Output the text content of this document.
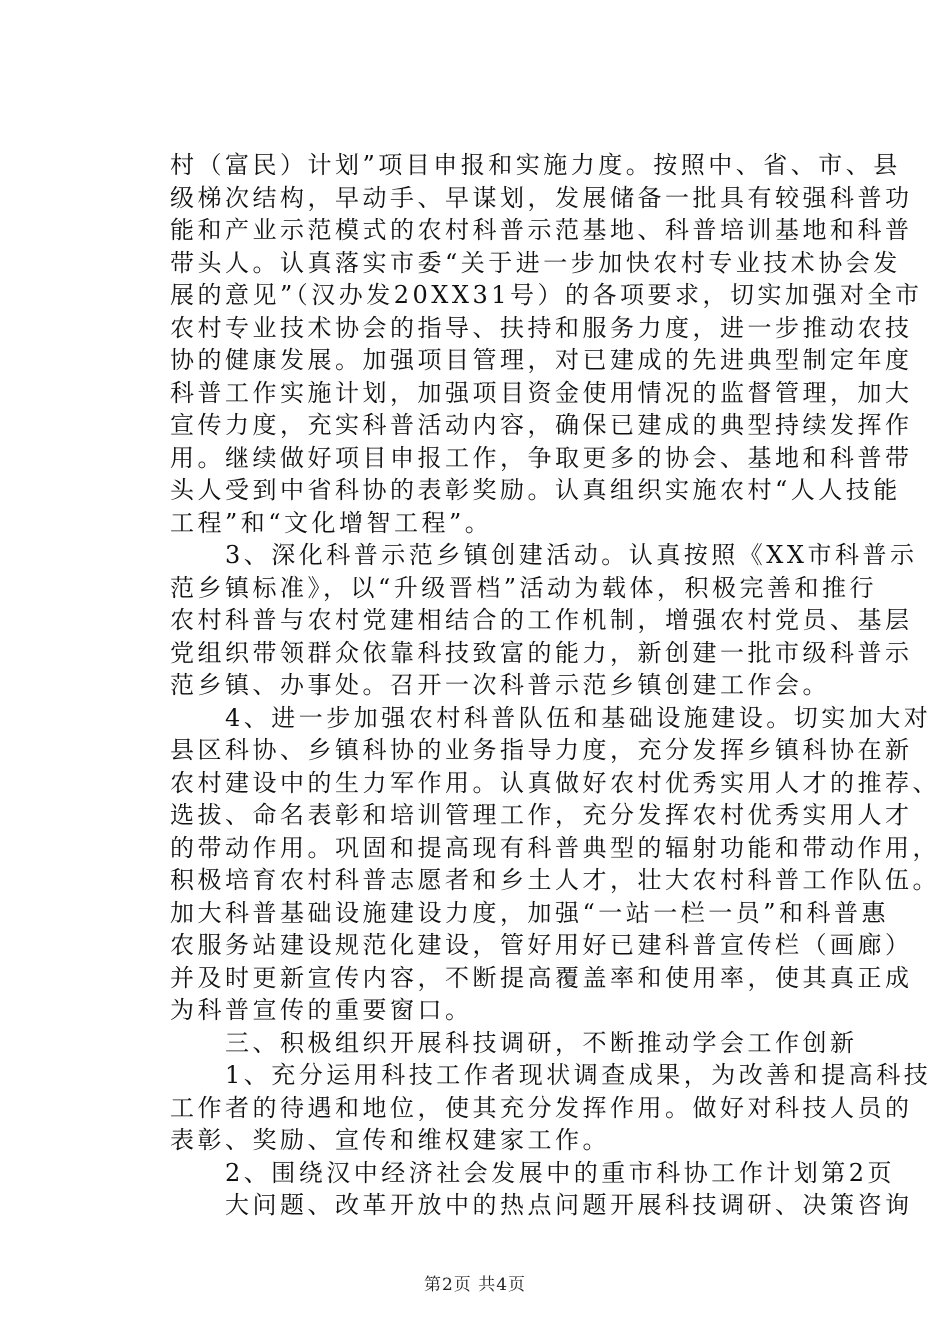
村（富民）计划”项目申报和实施力度。按照中、省、市、县
级梯次结构，早动手、早谋划，发展储备一批具有较强科普功
能和产业示范模式的农村科普示范基地、科普培训基地和科普
带头人。认真落实市委“关于进一步加快农村专业技术协会发
展的意见”（汉办发20XX31号）的各项要求，切实加强对全市
农村专业技术协会的指导、扶持和服务力度，进一步推动农技
协的健康发展。加强项目管理，对已建成的先进典型制定年度
科普工作实施计划，加强项目资金使用情况的监督管理，加大
宣传力度，充实科普活动内容，确保已建成的典型持续发挥作
用。继续做好项目申报工作，争取更多的协会、基地和科普带
头人受到中省科协的表彰奖励。认真组织实施农村“人人技能
工程”和“文化增智工程”。
　　3、深化科普示范乡镇创建活动。认真按照《XX市科普示
范乡镇标准》，以“升级晋档”活动为载体，积极完善和推行
农村科普与农村党建相结合的工作机制，增强农村党员、基层
党组织带领群众依靠科技致富的能力，新创建一批市级科普示
范乡镇、办事处。召开一次科普示范乡镇创建工作会。
　　4、进一步加强农村科普队伍和基础设施建设。切实加大对
县区科协、乡镇科协的业务指导力度，充分发挥乡镇科协在新
农村建设中的生力军作用。认真做好农村优秀实用人才的推荐、
选拔、命名表彰和培训管理工作，充分发挥农村优秀实用人才
的带动作用。巩固和提高现有科普典型的辐射功能和带动作用，
积极培育农村科普志愿者和乡土人才，壮大农村科普工作队伍。
加大科普基础设施建设力度，加强“一站一栏一员”和科普惠
农服务站建设规范化建设，管好用好已建科普宣传栏（画廊）
并及时更新宣传内容，不断提高覆盖率和使用率，使其真正成
为科普宣传的重要窗口。
　　三、积极组织开展科技调研，不断推动学会工作创新
　　1、充分运用科技工作者现状调查成果，为改善和提高科技
工作者的待遇和地位，使其充分发挥作用。做好对科技人员的
表彰、奖励、宣传和维权建家工作。
　　2、围绕汉中经济社会发展中的重市科协工作计划第2页
　　大问题、改革开放中的热点问题开展科技调研、决策咨询
第2页 共4页
